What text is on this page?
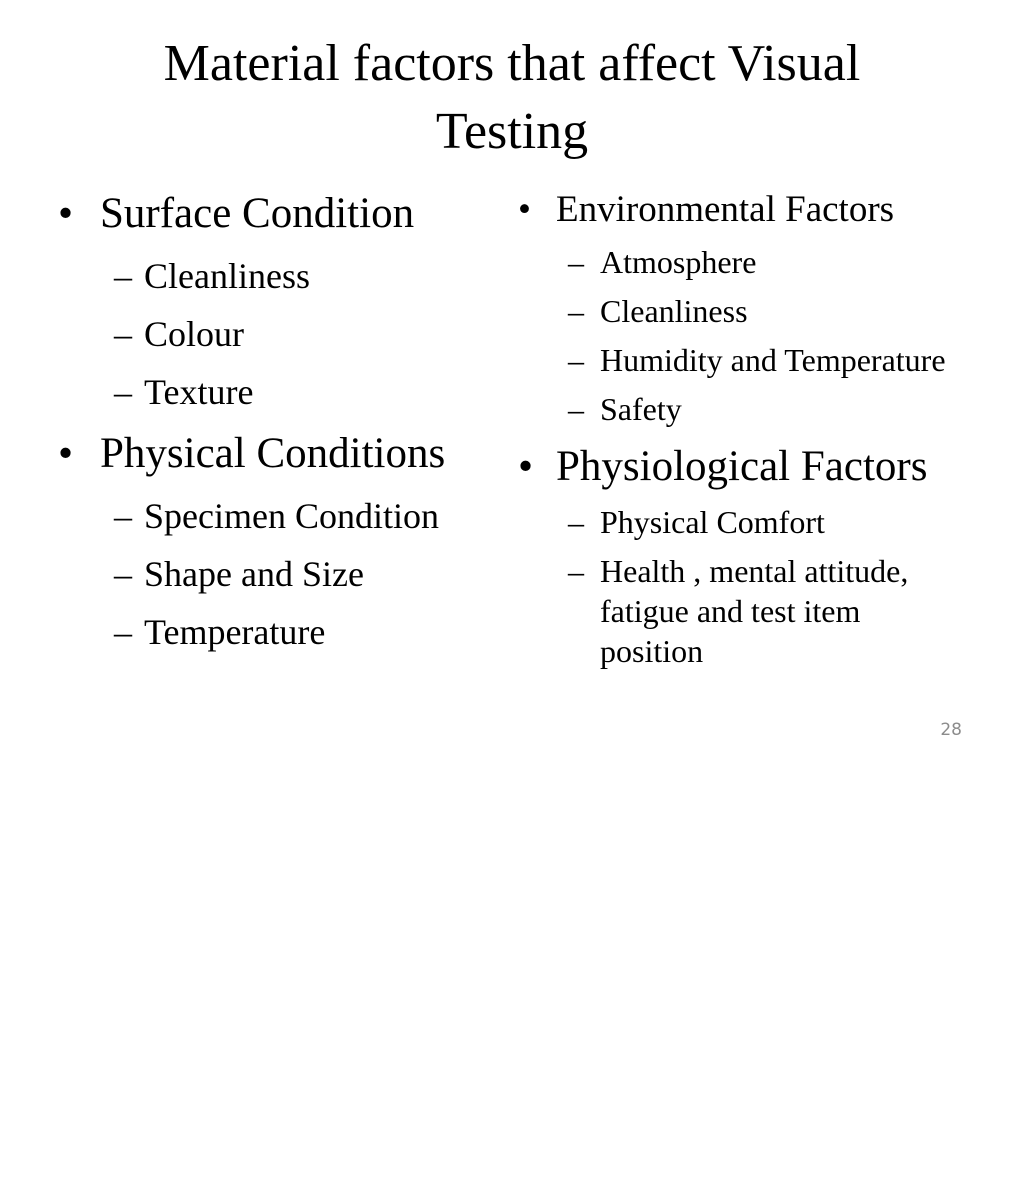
Material factors that affect Visual
Testing
• Surface Condition
– Cleanliness
– Colour
– Texture
• Physical Conditions
– Specimen Condition
– Shape and Size
– Temperature
• Environmental Factors
– Atmosphere
– Cleanliness
– Humidity and Temperature
– Safety
• Physiological Factors
– Physical Comfort
– Health , mental attitude, fatigue and test item position
28
